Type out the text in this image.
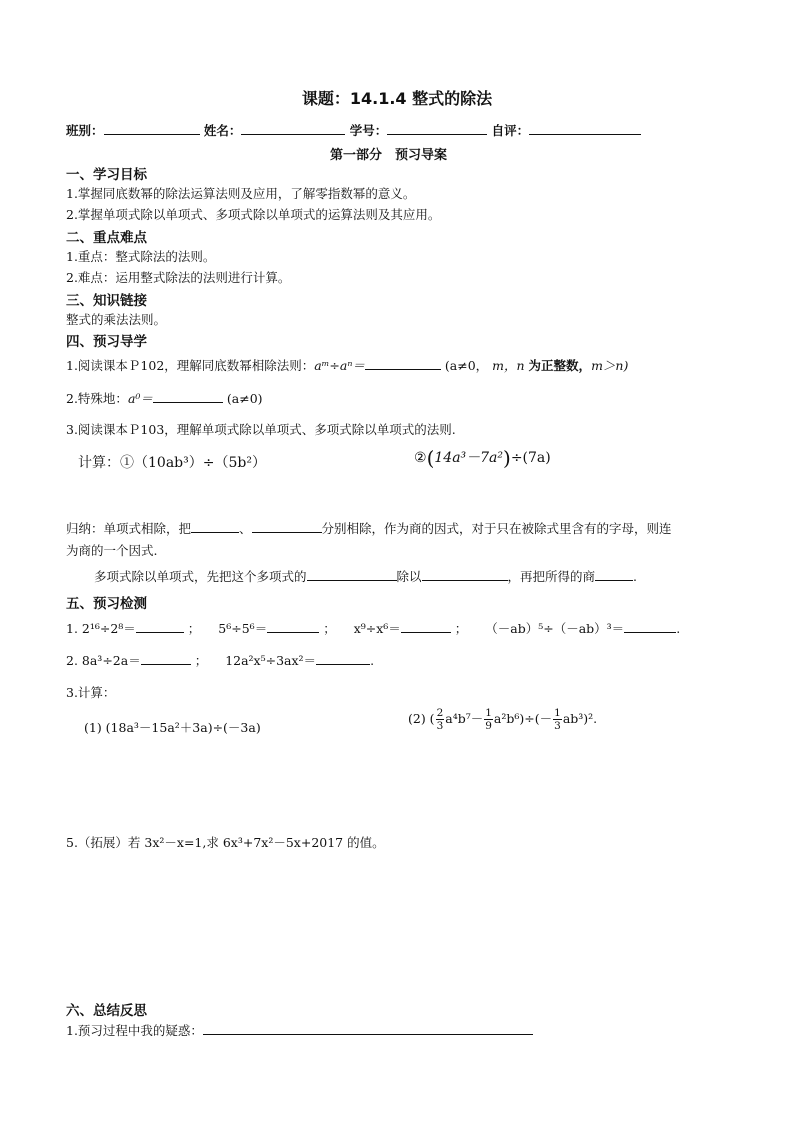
课题：14.1.4 整式的除法
班别：	姓名：	学号：	自评：
第一部分　预习导案
一、学习目标
1.掌握同底数幂的除法运算法则及应用，了解零指数幂的意义。
2.掌握单项式除以单项式、多项式除以单项式的运算法则及其应用。
二、重点难点
1.重点：整式除法的法则。
2.难点：运用整式除法的法则进行计算。
三、知识链接
整式的乘法法则。
四、预习导学
1.阅读课本Ｐ102，理解同底数幂相除法则：aᵐ÷aⁿ＝	(a≠0， m，n 为正整数，m＞n)
2.特殊地：a⁰＝	(a≠0)
3.阅读课本Ｐ103，理解单项式除以单项式、多项式除以单项式的法则.
计算：①（10ab³）÷（5b²）	②(14a³－7a²)÷(7a)
归纳：单项式相除，把	、	分别相除，作为商的因式，对于只在被除式里含有的字母，则连
为商的一个因式.
多项式除以单项式，先把这个多项式的	除以	，再把所得的商	.
五、预习检测
1. 2¹⁶÷2⁸＝	； 5⁶÷5⁶＝	； x⁹÷x⁶＝	； （－ab）⁵÷（－ab）³＝	.
2. 8a³÷2a＝	； 12a²x⁵÷3ax²＝	.
3.计算：
(1) (18a³－15a²＋3a)÷(－3a)
(2) ( $\frac{2}{3} a^4b^7- \frac{1}{9} a^2b^6)\div(- \frac{1}{3} ab^3)^2$.
5.（拓展）若 3x²－x=1,求 6x³+7x²－5x+2017 的值。
六、总结反思
1.预习过程中我的疑惑：
